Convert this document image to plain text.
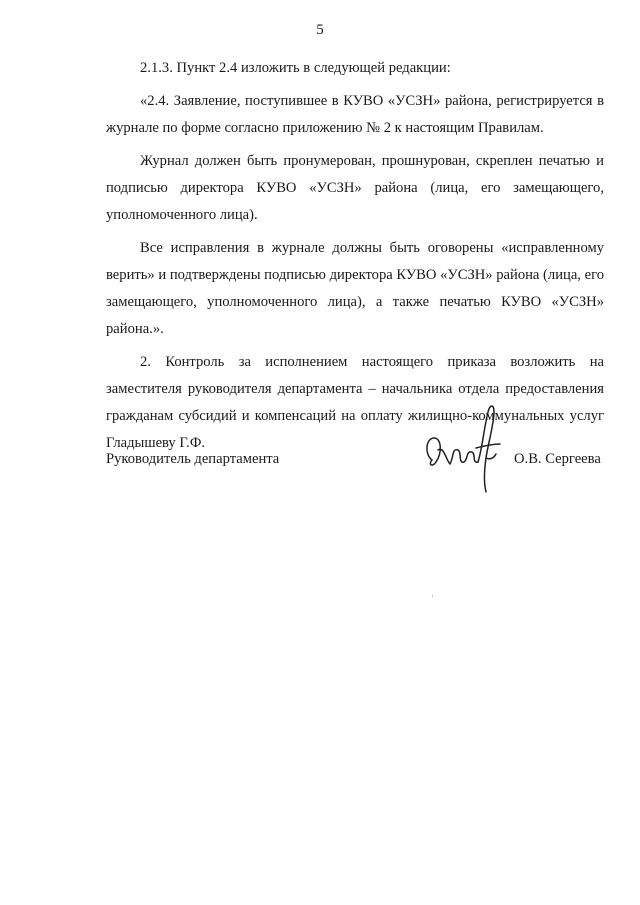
5

2.1.3. Пункт 2.4 изложить в следующей редакции:

«2.4. Заявление, поступившее в КУВО «УСЗН» района, регистрируется в журнале по форме согласно приложению № 2 к настоящим Правилам.

Журнал должен быть пронумерован, прошнурован, скреплен печатью и подписью директора КУВО «УСЗН» района (лица, его замещающего, уполномоченного лица).

Все исправления в журнале должны быть оговорены «исправленному верить» и подтверждены подписью директора КУВО «УСЗН» района (лица, его замещающего, уполномоченного лица), а также печатью КУВО «УСЗН» района.».

2. Контроль за исполнением настоящего приказа возложить на заместителя руководителя департамента – начальника отдела предоставления гражданам субсидий и компенсаций на оплату жилищно-коммунальных услуг Гладышеву Г.Ф.

Руководитель департамента	О.В. Сергеева
